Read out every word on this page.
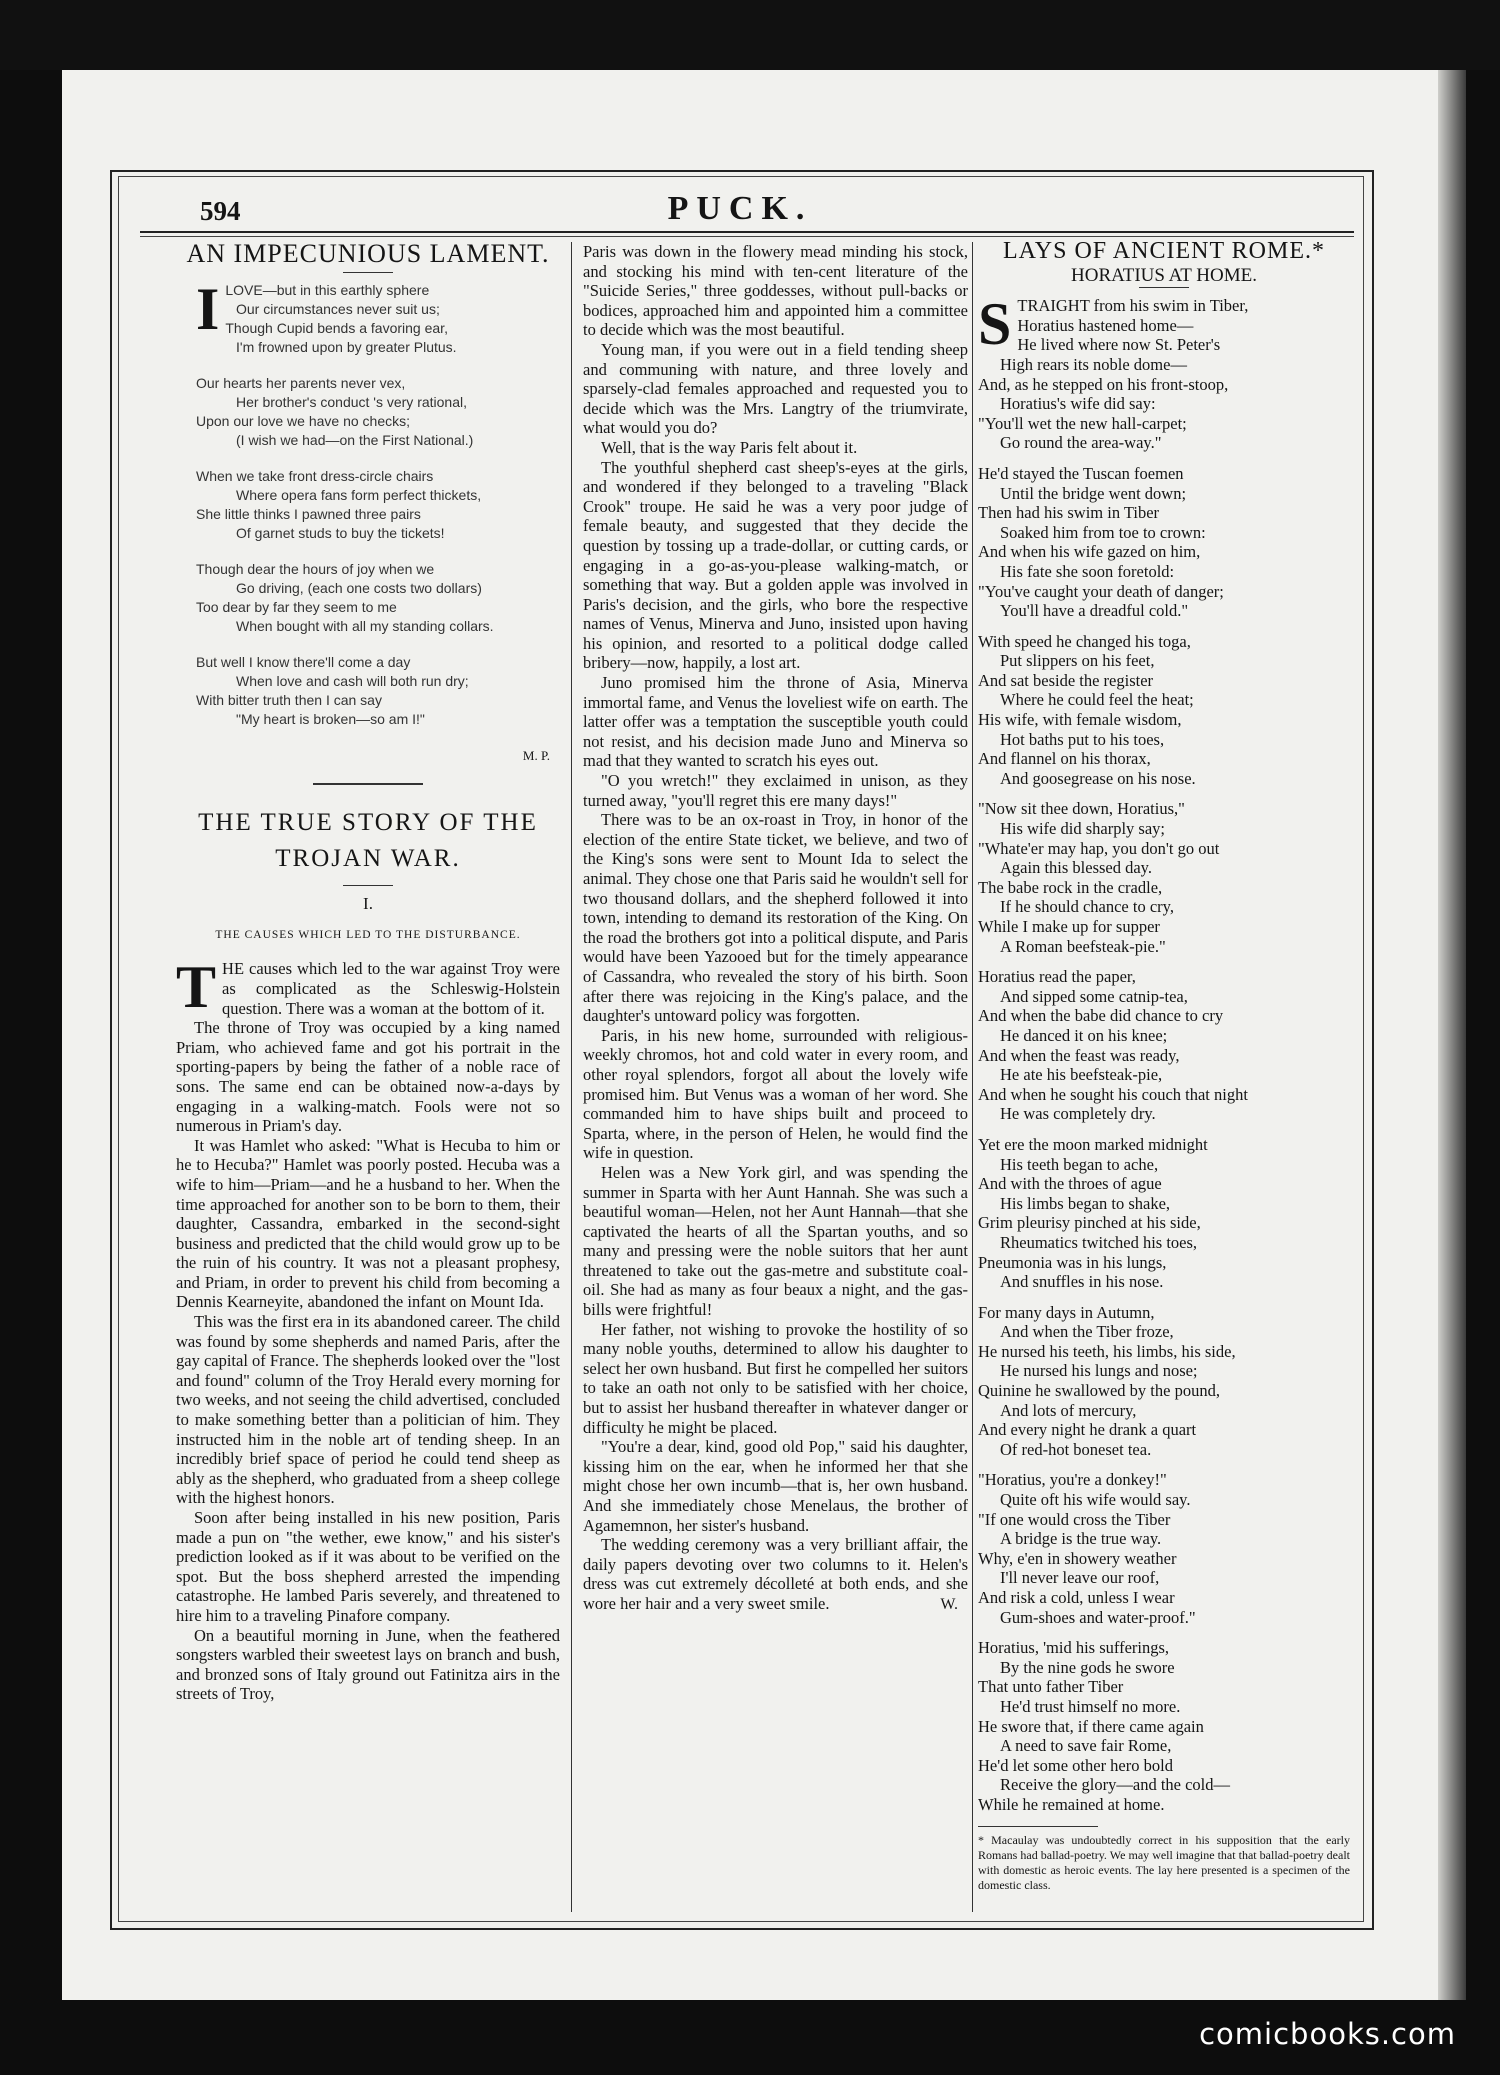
594	PUCK.
AN IMPECUNIOUS LAMENT.
I LOVE—but in this earthly sphere

Our circumstances never suit us;

Though Cupid bends a favoring ear,

I'm frowned upon by greater Plutus.

Our hearts her parents never vex,

Her brother's conduct 's very rational,

Upon our love we have no checks;

(I wish we had—on the First National.)

When we take front dress-circle chairs

Where opera fans form perfect thickets,

She little thinks I pawned three pairs

Of garnet studs to buy the tickets!

Though dear the hours of joy when we

Go driving, (each one costs two dollars)

Too dear by far they seem to me

When bought with all my standing collars.

But well I know there'll come a day

When love and cash will both run dry;

With bitter truth then I can say

"My heart is broken—so am I!"

M. P.
THE TRUE STORY OF THE
TROJAN WAR.
I.
THE CAUSES WHICH LED TO THE DISTURBANCE.
T HE causes which led to the war against Troy were as complicated as the Schleswig-Holstein question. There was a woman at the bottom of it.

The throne of Troy was occupied by a king named Priam, who achieved fame and got his portrait in the sporting-papers by being the father of a noble race of sons. The same end can be obtained now-a-days by engaging in a walking-match. Fools were not so numerous in Priam's day.

It was Hamlet who asked: "What is Hecuba to him or he to Hecuba?" Hamlet was poorly posted. Hecuba was a wife to him—Priam—and he a husband to her. When the time approached for another son to be born to them, their daughter, Cassandra, embarked in the second-sight business and predicted that the child would grow up to be the ruin of his country. It was not a pleasant prophesy, and Priam, in order to prevent his child from becoming a Dennis Kearneyite, abandoned the infant on Mount Ida.

This was the first era in its abandoned career. The child was found by some shepherds and named Paris, after the gay capital of France. The shepherds looked over the "lost and found" column of the Troy Herald every morning for two weeks, and not seeing the child advertised, concluded to make something better than a politician of him. They instructed him in the noble art of tending sheep. In an incredibly brief space of period he could tend sheep as ably as the shepherd, who graduated from a sheep college with the highest honors.

Soon after being installed in his new position, Paris made a pun on "the wether, ewe know," and his sister's prediction looked as if it was about to be verified on the spot. But the boss shepherd arrested the impending catastrophe. He lambed Paris severely, and threatened to hire him to a traveling Pinafore company.

On a beautiful morning in June, when the feathered songsters warbled their sweetest lays on branch and bush, and bronzed sons of Italy ground out Fatinitza airs in the streets of Troy,

Paris was down in the flowery mead minding his stock, and stocking his mind with ten-cent literature of the "Suicide Series," three goddesses, without pull-backs or bodices, approached him and appointed him a committee to decide which was the most beautiful.

Young man, if you were out in a field tending sheep and communing with nature, and three lovely and sparsely-clad females approached and requested you to decide which was the Mrs. Langtry of the triumvirate, what would you do?

Well, that is the way Paris felt about it.

The youthful shepherd cast sheep's-eyes at the girls, and wondered if they belonged to a traveling "Black Crook" troupe. He said he was a very poor judge of female beauty, and suggested that they decide the question by tossing up a trade-dollar, or cutting cards, or engaging in a go-as-you-please walking-match, or something that way. But a golden apple was involved in Paris's decision, and the girls, who bore the respective names of Venus, Minerva and Juno, insisted upon having his opinion, and resorted to a political dodge called bribery—now, happily, a lost art.

Juno promised him the throne of Asia, Minerva immortal fame, and Venus the loveliest wife on earth. The latter offer was a temptation the susceptible youth could not resist, and his decision made Juno and Minerva so mad that they wanted to scratch his eyes out.

"O you wretch!" they exclaimed in unison, as they turned away, "you'll regret this ere many days!"

There was to be an ox-roast in Troy, in honor of the election of the entire State ticket, we believe, and two of the King's sons were sent to Mount Ida to select the animal. They chose one that Paris said he wouldn't sell for two thousand dollars, and the shepherd followed it into town, intending to demand its restoration of the King. On the road the brothers got into a political dispute, and Paris would have been Yazooed but for the timely appearance of Cassandra, who revealed the story of his birth. Soon after there was rejoicing in the King's palace, and the daughter's untoward policy was forgotten.

Paris, in his new home, surrounded with religious-weekly chromos, hot and cold water in every room, and other royal splendors, forgot all about the lovely wife promised him. But Venus was a woman of her word. She commanded him to have ships built and proceed to Sparta, where, in the person of Helen, he would find the wife in question.

Helen was a New York girl, and was spending the summer in Sparta with her Aunt Hannah. She was such a beautiful woman—Helen, not her Aunt Hannah—that she captivated the hearts of all the Spartan youths, and so many and pressing were the noble suitors that her aunt threatened to take out the gas-metre and substitute coal-oil. She had as many as four beaux a night, and the gas-bills were frightful!

Her father, not wishing to provoke the hostility of so many noble youths, determined to allow his daughter to select her own husband. But first he compelled her suitors to take an oath not only to be satisfied with her choice, but to assist her husband thereafter in whatever danger or difficulty he might be placed.

"You're a dear, kind, good old Pop," said his daughter, kissing him on the ear, when he informed her that she might chose her own incumb—that is, her own husband. And she immediately chose Menelaus, the brother of Agamemnon, her sister's husband.

The wedding ceremony was a very brilliant affair, the daily papers devoting over two columns to it. Helen's dress was cut extremely décolleté at both ends, and she wore her hair and a very sweet smile.	W.
LAYS OF ANCIENT ROME.*
HORATIUS AT HOME.
S TRAIGHT from his swim in Tiber,

Horatius hastened home—

He lived where now St. Peter's

High rears its noble dome—

And, as he stepped on his front-stoop,

Horatius's wife did say:

"You'll wet the new hall-carpet;

Go round the area-way."

He'd stayed the Tuscan foemen

Until the bridge went down;

Then had his swim in Tiber

Soaked him from toe to crown:

And when his wife gazed on him,

His fate she soon foretold:

"You've caught your death of danger;

You'll have a dreadful cold."

With speed he changed his toga,

Put slippers on his feet,

And sat beside the register

Where he could feel the heat;

His wife, with female wisdom,

Hot baths put to his toes,

And flannel on his thorax,

And goosegrease on his nose.

"Now sit thee down, Horatius,"

His wife did sharply say;

"Whate'er may hap, you don't go out

Again this blessed day.

The babe rock in the cradle,

If he should chance to cry,

While I make up for supper

A Roman beefsteak-pie."

Horatius read the paper,

And sipped some catnip-tea,

And when the babe did chance to cry

He danced it on his knee;

And when the feast was ready,

He ate his beefsteak-pie,

And when he sought his couch that night

He was completely dry.

Yet ere the moon marked midnight

His teeth began to ache,

And with the throes of ague

His limbs began to shake,

Grim pleurisy pinched at his side,

Rheumatics twitched his toes,

Pneumonia was in his lungs,

And snuffles in his nose.

For many days in Autumn,

And when the Tiber froze,

He nursed his teeth, his limbs, his side,

He nursed his lungs and nose;

Quinine he swallowed by the pound,

And lots of mercury,

And every night he drank a quart

Of red-hot boneset tea.

"Horatius, you're a donkey!"

Quite oft his wife would say.

"If one would cross the Tiber

A bridge is the true way.

Why, e'en in showery weather

I'll never leave our roof,

And risk a cold, unless I wear

Gum-shoes and water-proof."

Horatius, 'mid his sufferings,

By the nine gods he swore

That unto father Tiber

He'd trust himself no more.

He swore that, if there came again

A need to save fair Rome,

He'd let some other hero bold

Receive the glory—and the cold—

While he remained at home.

* Macaulay was undoubtedly correct in his supposition that the early Romans had ballad-poetry. We may well imagine that that ballad-poetry dealt with domestic as heroic events. The lay here presented is a specimen of the domestic class.
comicbooks.com
